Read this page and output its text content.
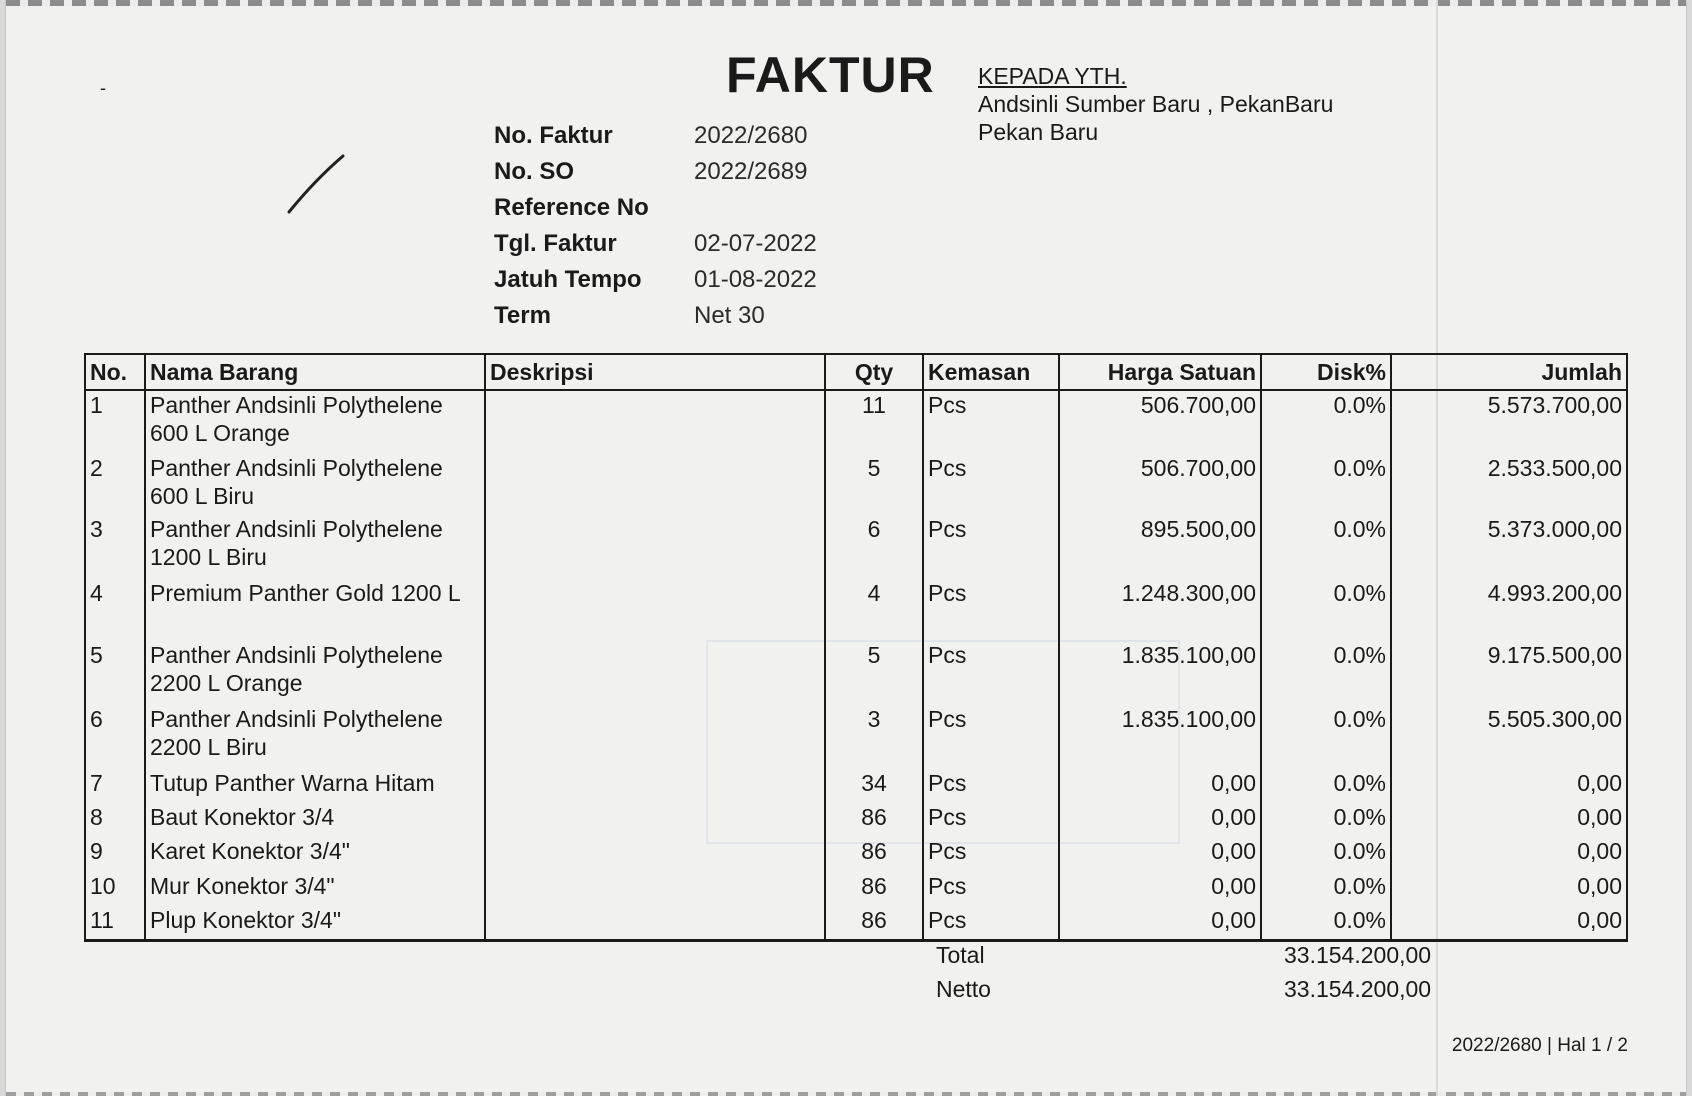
-	FAKTUR KEPADA YTH.
Andsinli Sumber Baru , PekanBaru
Pekan Baru
No. Faktur	2022/2680
No. SO	2022/2689
Reference No
Tgl. Faktur	02-07-2022
Jatuh Tempo	01-08-2022
Term	Net 30
No.	Nama Barang	Deskripsi	Qty	Kemasan	Harga Satuan	Disk%	Jumlah
1	Panther Andsinli Polythelene 600 L Orange		11	Pcs	506.700,00	0.0%	5.573.700,00
2	Panther Andsinli Polythelene 600 L Biru		5	Pcs	506.700,00	0.0%	2.533.500,00
3	Panther Andsinli Polythelene 1200 L Biru		6	Pcs	895.500,00	0.0%	5.373.000,00
4	Premium Panther Gold 1200 L		4	Pcs	1.248.300,00	0.0%	4.993.200,00
5	Panther Andsinli Polythelene 2200 L Orange		5	Pcs	1.835.100,00	0.0%	9.175.500,00
6	Panther Andsinli Polythelene 2200 L Biru		3	Pcs	1.835.100,00	0.0%	5.505.300,00
7	Tutup Panther Warna Hitam		34	Pcs	0,00	0.0%	0,00
8	Baut Konektor 3/4		86	Pcs	0,00	0.0%	0,00
9	Karet Konektor 3/4"		86	Pcs	0,00	0.0%	0,00
10	Mur Konektor 3/4"		86	Pcs	0,00	0.0%	0,00
11	Plup Konektor 3/4"		86	Pcs	0,00	0.0%	0,00
Total	33.154.200,00
Netto	33.154.200,00
2022/2680 | Hal 1 / 2
